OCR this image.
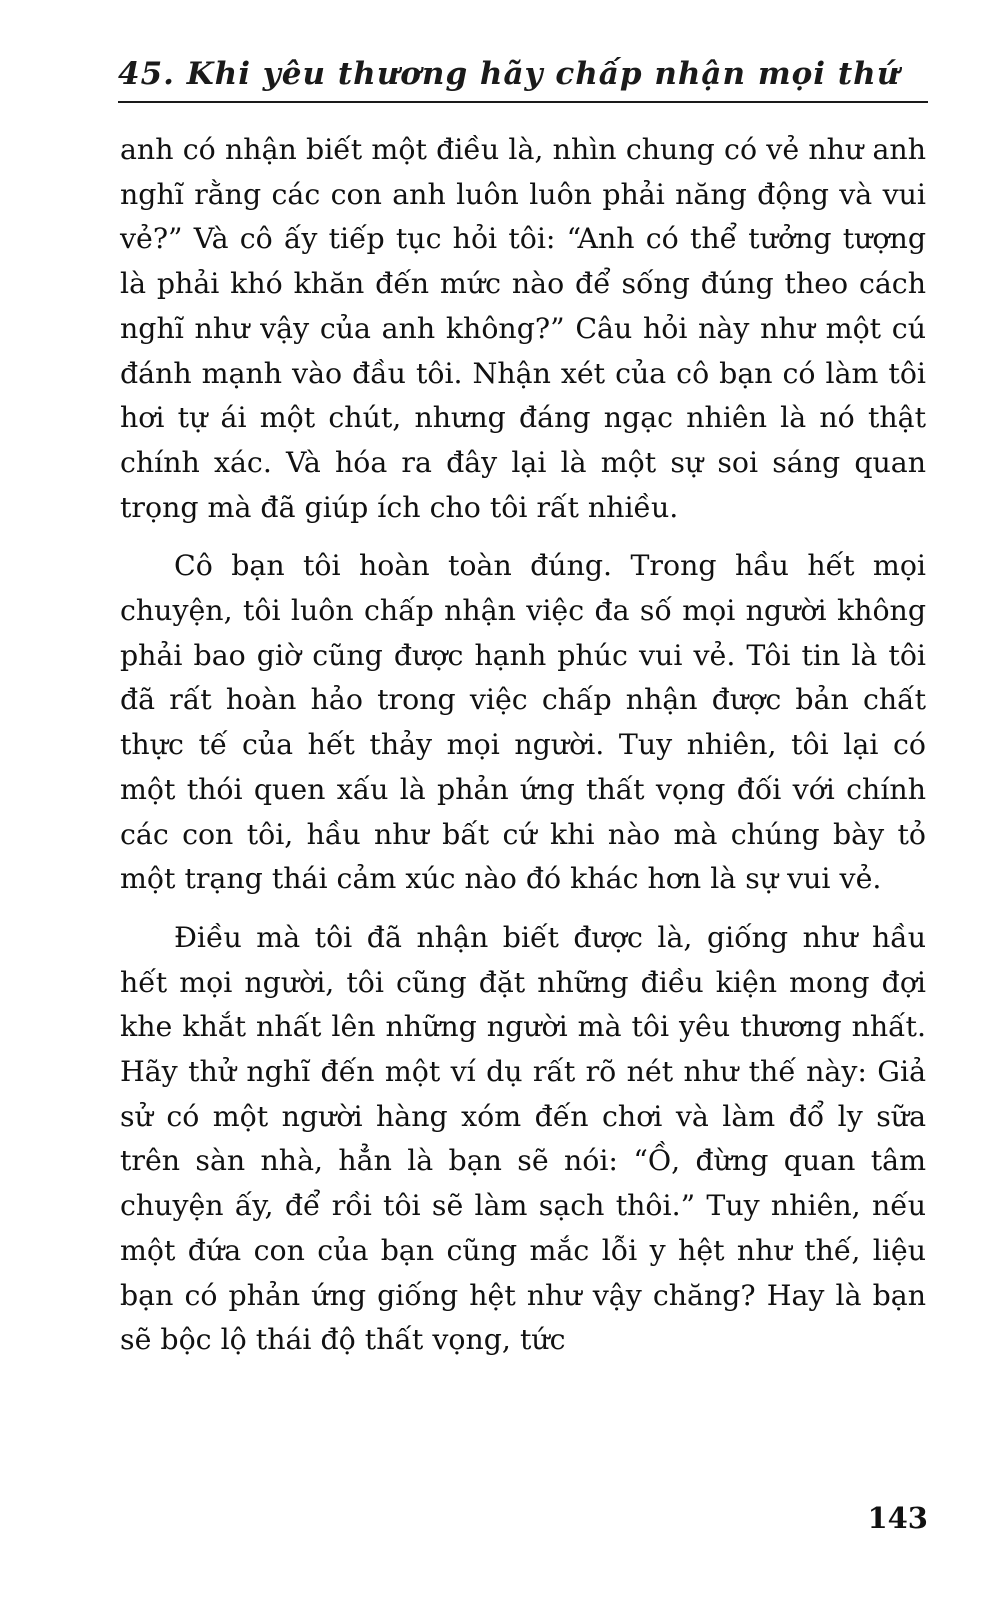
45. Khi yêu thương hãy chấp nhận mọi thứ

anh có nhận biết một điều là, nhìn chung có vẻ như anh nghĩ rằng các con anh luôn luôn phải năng động và vui vẻ?” Và cô ấy tiếp tục hỏi tôi: “Anh có thể tưởng tượng là phải khó khăn đến mức nào để sống đúng theo cách nghĩ như vậy của anh không?” Câu hỏi này như một cú đánh mạnh vào đầu tôi. Nhận xét của cô bạn có làm tôi hơi tự ái một chút, nhưng đáng ngạc nhiên là nó thật chính xác. Và hóa ra đây lại là một sự soi sáng quan trọng mà đã giúp ích cho tôi rất nhiều.

Cô bạn tôi hoàn toàn đúng. Trong hầu hết mọi chuyện, tôi luôn chấp nhận việc đa số mọi người không phải bao giờ cũng được hạnh phúc vui vẻ. Tôi tin là tôi đã rất hoàn hảo trong việc chấp nhận được bản chất thực tế của hết thảy mọi người. Tuy nhiên, tôi lại có một thói quen xấu là phản ứng thất vọng đối với chính các con tôi, hầu như bất cứ khi nào mà chúng bày tỏ một trạng thái cảm xúc nào đó khác hơn là sự vui vẻ.

Điều mà tôi đã nhận biết được là, giống như hầu hết mọi người, tôi cũng đặt những điều kiện mong đợi khe khắt nhất lên những người mà tôi yêu thương nhất. Hãy thử nghĩ đến một ví dụ rất rõ nét như thế này: Giả sử có một người hàng xóm đến chơi và làm đổ ly sữa trên sàn nhà, hẳn là bạn sẽ nói: “Ồ, đừng quan tâm chuyện ấy, để rồi tôi sẽ làm sạch thôi.” Tuy nhiên, nếu một đứa con của bạn cũng mắc lỗi y hệt như thế, liệu bạn có phản ứng giống hệt như vậy chăng? Hay là bạn sẽ bộc lộ thái độ thất vọng, tức

143
